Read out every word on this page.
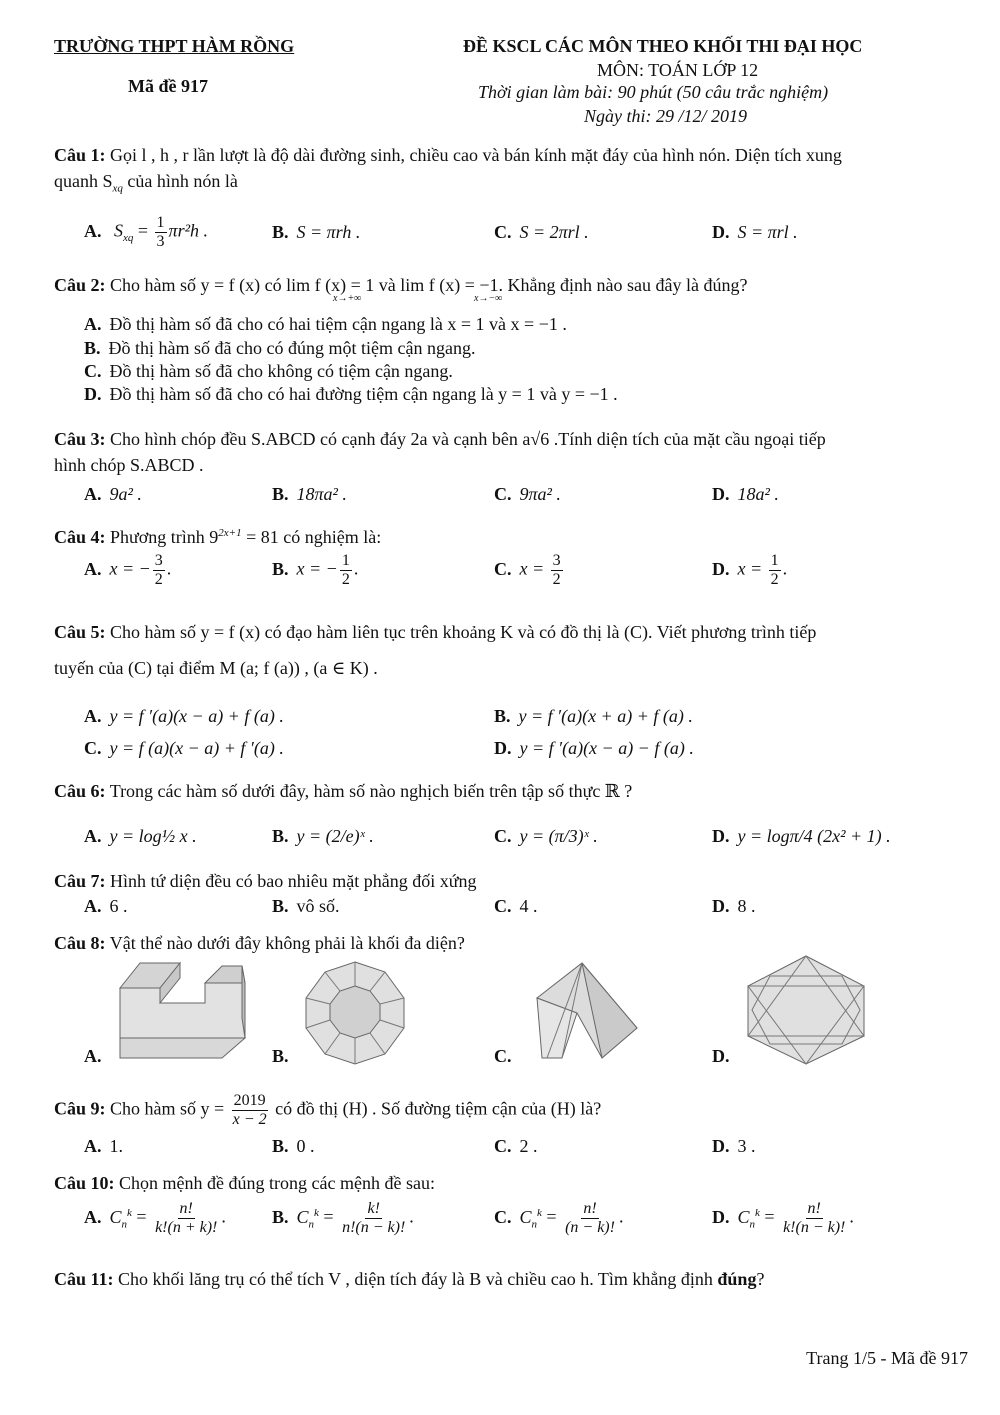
TRƯỜNG THPT HÀM RỒNG
Mã đề 917
ĐỀ KSCL CÁC MÔN THEO KHỐI THI ĐẠI HỌC
MÔN: TOÁN LỚP 12
Thời gian làm bài: 90 phút (50 câu trắc nghiệm)
Ngày thi: 29 /12/ 2019
Câu 1: Gọi l , h , r lần lượt là độ dài đường sinh, chiều cao và bán kính mặt đáy của hình nón. Diện tích xung
quanh $S_{xq}$ của hình nón là
A. $S_{xq} = \frac{1}{3} \pi r^2h$ .	B. S = πrh .	C. S = 2πrl .	D. S = πrl .
Câu 2: Cho hàm số y = f (x) có lim f (x) = 1 và lim f (x) = −1. Khẳng định nào sau đây là đúng?
x→+∞	x→−∞
A. Đồ thị hàm số đã cho có hai tiệm cận ngang là x = 1 và x = −1 .
B. Đồ thị hàm số đã cho có đúng một tiệm cận ngang.
C. Đồ thị hàm số đã cho không có tiệm cận ngang.
D. Đồ thị hàm số đã cho có hai đường tiệm cận ngang là y = 1 và y = −1 .
Câu 3: Cho hình chóp đều S.ABCD có cạnh đáy 2a và cạnh bên a√6 .Tính diện tích của mặt cầu ngoại tiếp
hình chóp S.ABCD .
A. 9a² .	B. 18πa² .	C. 9πa² .	D. 18a² .
Câu 4: Phương trình $9^{2x+1} = 81$ có nghiệm là:
A. x = − $\frac{3}{2}$ .	B. x = − $\frac{1}{2}$ .	C. $x = \frac{3}{2}$	D. $x = \frac{1}{2}$ .
Câu 5: Cho hàm số y = f (x) có đạo hàm liên tục trên khoảng K và có đồ thị là (C). Viết phương trình tiếp
tuyến của (C) tại điểm M (a; f (a)) , (a ∈ K) .
A. y = f ′(a)(x − a) + f (a) .	B. y = f ′(a)(x + a) + f (a) .
C. y = f (a)(x − a) + f ′(a) .	D. y = f ′(a)(x − a) − f (a) .
Câu 6: Trong các hàm số dưới đây, hàm số nào nghịch biến trên tập số thực ℝ ?
A. y = log½ x .	B. y = (2/e)ˣ .	C. y = (π/3)ˣ .	D. y = logπ/4 (2x² + 1) .
Câu 7: Hình tứ diện đều có bao nhiêu mặt phẳng đối xứng
A. 6 .	B. vô số.	C. 4 .	D. 8 .
Câu 8: Vật thể nào dưới đây không phải là khối đa diện?
A.	B.	C.	D.
Câu 9: Cho hàm số $y = \frac{2019}{x - 2}$ có đồ thị (H) . Số đường tiệm cận của (H) là?
A. 1.	B. 0 .	C. 2 .	D. 3 .
Câu 10: Chọn mệnh đề đúng trong các mệnh đề sau:
A. $C_n^k = \frac{n!}{k!(n + k)!}$ .	B. $C_n^k = \frac{k!}{n!(n - k)!}$ .	C. $C_n^k = \frac{n!}{(n - k)!}$ .	D. $C_n^k = \frac{n!}{k!(n - k)!}$ .
Câu 11: Cho khối lăng trụ có thể tích V , diện tích đáy là B và chiều cao h. Tìm khẳng định đúng?
Trang 1/5 - Mã đề 917
